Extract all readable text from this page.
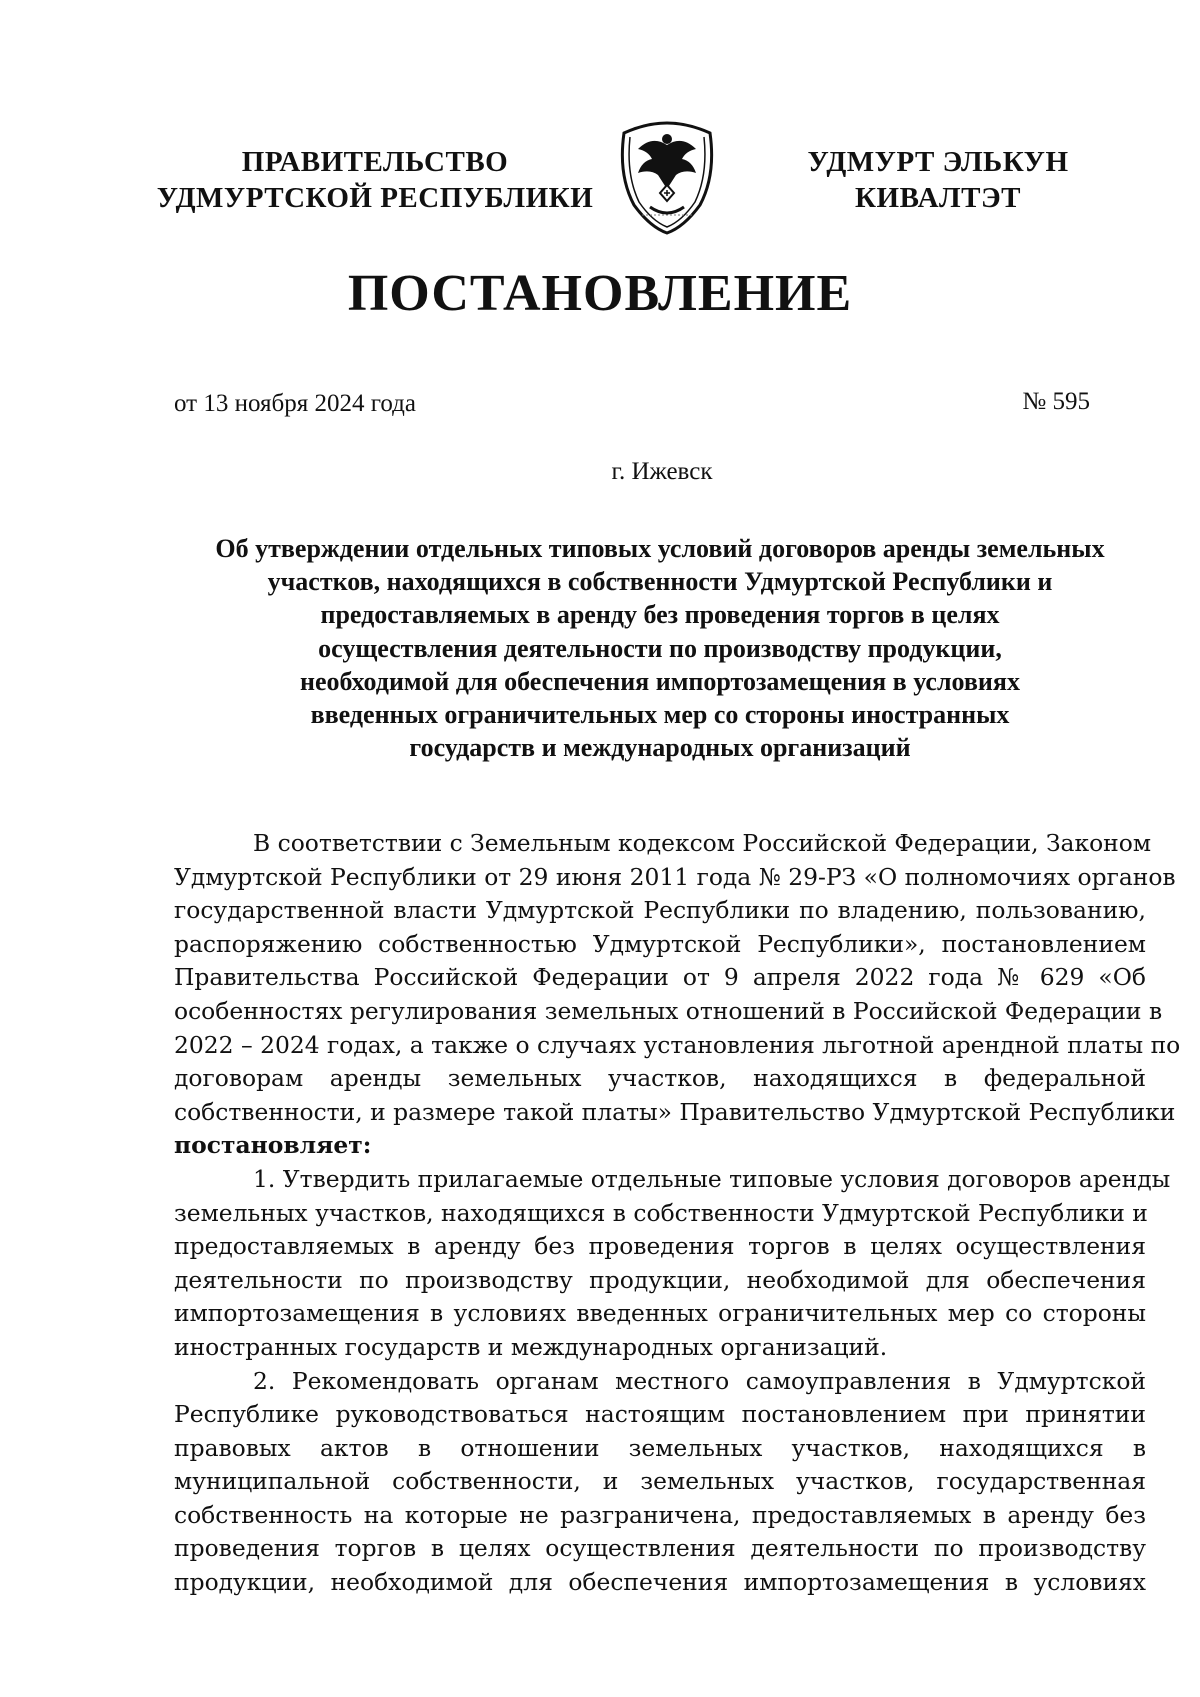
ПРАВИТЕЛЬСТВО
УДМУРТСКОЙ РЕСПУБЛИКИ
УДМУРТ ЭЛЬКУН
КИВАЛТЭТ
ПОСТАНОВЛЕНИЕ
от 13 ноября 2024 года	№ 595
г. Ижевск
Об утверждении отдельных типовых условий договоров аренды земельных
участков, находящихся в собственности Удмуртской Республики и
предоставляемых в аренду без проведения торгов в целях
осуществления деятельности по производству продукции,
необходимой для обеспечения импортозамещения в условиях
введенных ограничительных мер со стороны иностранных
государств и международных организаций
В соответствии с Земельным кодексом Российской Федерации, Законом
Удмуртской Республики от 29 июня 2011 года № 29-РЗ «О полномочиях органов
государственной власти Удмуртской Республики по владению, пользованию,
распоряжению собственностью Удмуртской Республики», постановлением
Правительства Российской Федерации от 9 апреля 2022 года № 629 «Об
особенностях регулирования земельных отношений в Российской Федерации в
2022 – 2024 годах, а также о случаях установления льготной арендной платы по
договорам аренды земельных участков, находящихся в федеральной
собственности, и размере такой платы» Правительство Удмуртской Республики
постановляет:
1. Утвердить прилагаемые отдельные типовые условия договоров аренды
земельных участков, находящихся в собственности Удмуртской Республики и
предоставляемых в аренду без проведения торгов в целях осуществления
деятельности по производству продукции, необходимой для обеспечения
импортозамещения в условиях введенных ограничительных мер со стороны
иностранных государств и международных организаций.
2. Рекомендовать органам местного самоуправления в Удмуртской
Республике руководствоваться настоящим постановлением при принятии
правовых актов в отношении земельных участков, находящихся в
муниципальной собственности, и земельных участков, государственная
собственность на которые не разграничена, предоставляемых в аренду без
проведения торгов в целях осуществления деятельности по производству
продукции, необходимой для обеспечения импортозамещения в условиях
